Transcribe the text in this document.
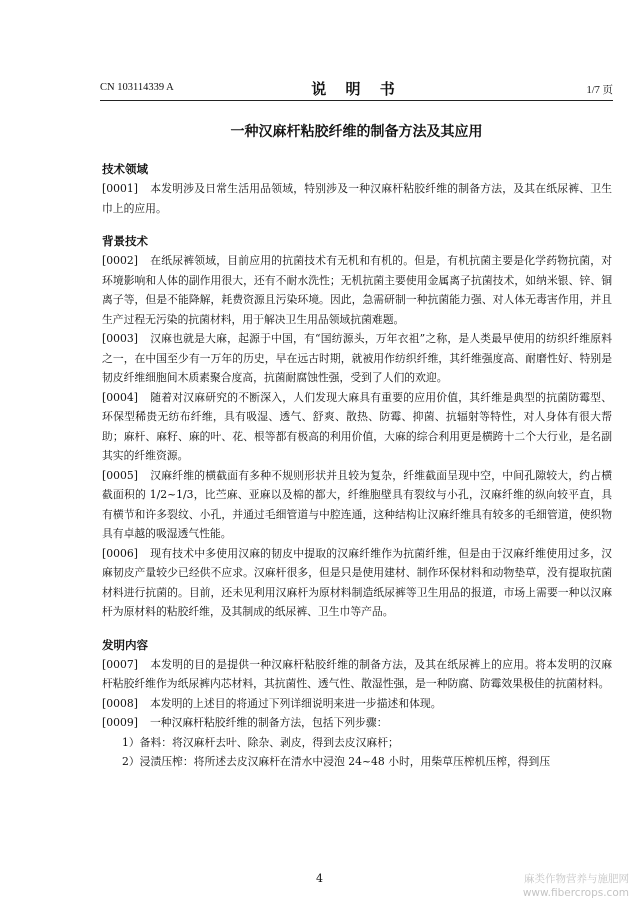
CN 103114339 A	说 明 书	1/7 页
一种汉麻杆粘胶纤维的制备方法及其应用
技术领域
[0001] 本发明涉及日常生活用品领域，特别涉及一种汉麻杆粘胶纤维的制备方法，及其在纸尿裤、卫生巾上的应用。
背景技术
[0002] 在纸尿裤领域，目前应用的抗菌技术有无机和有机的。但是，有机抗菌主要是化学药物抗菌，对环境影响和人体的副作用很大，还有不耐水洗性；无机抗菌主要使用金属离子抗菌技术，如纳米银、锌、铜离子等，但是不能降解，耗费资源且污染环境。因此，急需研制一种抗菌能力强、对人体无毒害作用，并且生产过程无污染的抗菌材料，用于解决卫生用品领域抗菌难题。
[0003] 汉麻也就是大麻，起源于中国，有“国纺源头，万年衣祖”之称，是人类最早使用的纺织纤维原料之一，在中国至少有一万年的历史，早在远古时期，就被用作纺织纤维，其纤维强度高、耐磨性好、特别是韧皮纤维细胞间木质素聚合度高，抗菌耐腐蚀性强，受到了人们的欢迎。
[0004] 随着对汉麻研究的不断深入，人们发现大麻具有重要的应用价值，其纤维是典型的抗菌防霉型、环保型稀贵无纺布纤维，具有吸湿、透气、舒爽、散热、防霉、抑菌、抗辐射等特性，对人身体有很大帮助；麻杆、麻籽、麻的叶、花、根等都有极高的利用价值，大麻的综合利用更是横跨十二个大行业，是名副其实的纤维资源。
[0005] 汉麻纤维的横截面有多种不规则形状并且较为复杂，纤维截面呈现中空，中间孔隙较大，约占横截面积的 1/2~1/3，比苎麻、亚麻以及棉的都大，纤维胞壁具有裂纹与小孔，汉麻纤维的纵向较平直，具有横节和许多裂纹、小孔，并通过毛细管道与中腔连通，这种结构让汉麻纤维具有较多的毛细管道，使织物具有卓越的吸湿透气性能。
[0006] 现有技术中多使用汉麻的韧皮中提取的汉麻纤维作为抗菌纤维，但是由于汉麻纤维使用过多，汉麻韧皮产量较少已经供不应求。汉麻杆很多，但是只是使用建材、制作环保材料和动物垫草，没有提取抗菌材料进行抗菌的。目前，还未见利用汉麻杆为原材料制造纸尿裤等卫生用品的报道，市场上需要一种以汉麻杆为原材料的粘胶纤维，及其制成的纸尿裤、卫生巾等产品。
发明内容
[0007] 本发明的目的是提供一种汉麻杆粘胶纤维的制备方法，及其在纸尿裤上的应用。将本发明的汉麻杆粘胶纤维作为纸尿裤内芯材料，其抗菌性、透气性、散湿性强，是一种防腐、防霉效果极佳的抗菌材料。
[0008] 本发明的上述目的将通过下列详细说明来进一步描述和体现。
[0009] 一种汉麻杆粘胶纤维的制备方法，包括下列步骤：
1）备料：将汉麻杆去叶、除杂、剥皮，得到去皮汉麻杆；
2）浸渍压榨：将所述去皮汉麻杆在清水中浸泡 24~48 小时，用柴草压榨机压榨，得到压
4	麻类作物营养与施肥网
www.fibercrops.com
